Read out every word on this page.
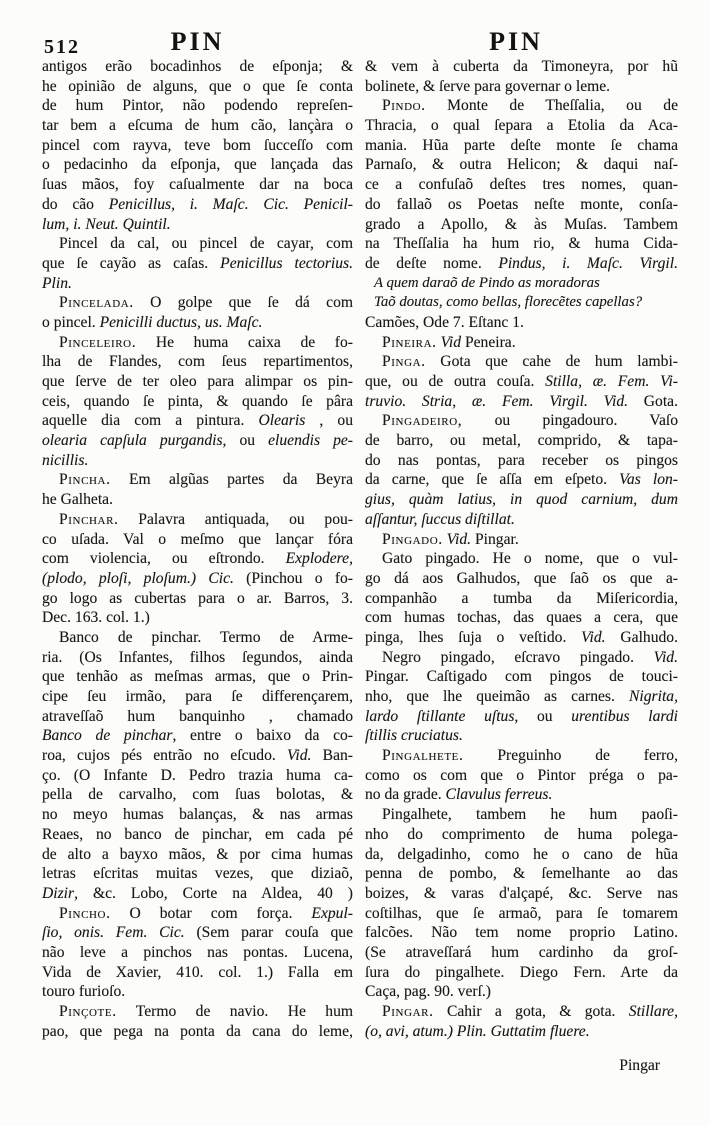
512	PIN	PIN
antigos erão bocadinhos de eſponja; &
he opinião de alguns, que o que ſe conta
de hum Pintor, não podendo repreſen-
tar bem a eſcuma de hum cão, lançàra o
pincel com rayva, teve bom ſucceſſo com
o pedacinho da eſponja, que lançada das
ſuas mãos, foy caſualmente dar na boca
do cão Penicillus, i. Maſc. Cic. Penicil-
lum, i. Neut. Quintil.
Pincel da cal, ou pincel de cayar, com
que ſe cayão as caſas. Penicillus tectorius.
Plin.
Pincelada. O golpe que ſe dá com
o pincel. Penicilli ductus, us. Maſc.
Pinceleiro. He huma caixa de fo-
lha de Flandes, com ſeus repartimentos,
que ſerve de ter oleo para alimpar os pin-
ceis, quando ſe pinta, & quando ſe pâra
aquelle dia com a pintura. Olearis , ou
olearia capſula purgandis, ou eluendis pe-
nicillis.
Pincha. Em algũas partes da Beyra
he Galheta.
Pinchar. Palavra antiquada, ou pou-
co uſada. Val o meſmo que lançar fóra
com violencia, ou eſtrondo. Explodere,
(plodo, ploſi, ploſum.) Cic. (Pinchou o fo-
go logo as cubertas para o ar. Barros, 3.
Dec. 163. col. 1.)
Banco de pinchar. Termo de Arme-
ria. (Os Infantes, filhos ſegundos, ainda
que tenhão as meſmas armas, que o Prin-
cipe ſeu irmão, para ſe differençarem,
atraveſſaõ hum banquinho , chamado
Banco de pinchar, entre o baixo da co-
roa, cujos pés entrão no eſcudo. Vid. Ban-
ço. (O Infante D. Pedro trazia huma ca-
pella de carvalho, com ſuas bolotas, &
no meyo humas balanças, & nas armas
Reaes, no banco de pinchar, em cada pé
de alto a bayxo mãos, & por cima humas
letras eſcritas muitas vezes, que diziaõ,
Dizir, &c. Lobo, Corte na Aldea, 40 )
Pincho. O botar com força. Expul-
ſio, onis. Fem. Cic. (Sem parar couſa que
não leve a pinchos nas pontas. Lucena,
Vida de Xavier, 410. col. 1.) Falla em
touro furioſo.
Pinçote. Termo de navio. He hum
pao, que pega na ponta da cana do leme,
& vem à cuberta da Timoneyra, por hũ
bolinete, & ſerve para governar o leme.
Pindo. Monte de Theſſalia, ou de
Thracia, o qual ſepara a Etolia da Aca-
mania. Hũa parte deſte monte ſe chama
Parnaſo, & outra Helicon; & daqui naſ-
ce a confuſaõ deſtes tres nomes, quan-
do fallaõ os Poetas neſte monte, conſa-
grado a Apollo, & às Muſas. Tambem
na Theſſalia ha hum rio, & huma Cida-
de deſte nome. Pindus, i. Maſc. Virgil.
A quem daraõ de Pindo as moradoras
Taõ doutas, como bellas, florecẽtes capellas?
Camões, Ode 7. Eſtanc 1.
Pineira. Vid Peneira.
Pinga. Gota que cahe de hum lambi-
que, ou de outra couſa. Stilla, æ. Fem. Vi-
truvio. Stria, æ. Fem. Virgil. Vid. Gota.
Pingadeiro, ou pingadouro. Vaſo
de barro, ou metal, comprido, & tapa-
do nas pontas, para receber os pingos
da carne, que ſe aſſa em eſpeto. Vas lon-
gius, quàm latius, in quod carnium, dum
aſſantur, ſuccus diſtillat.
Pingado. Vid. Pingar.
Gato pingado. He o nome, que o vul-
go dá aos Galhudos, que ſaõ os que a-
companhão a tumba da Miſericordia,
com humas tochas, das quaes a cera, que
pinga, lhes ſuja o veſtido. Vid. Galhudo.
Negro pingado, eſcravo pingado. Vid.
Pingar. Caſtigado com pingos de touci-
nho, que lhe queimão as carnes. Nigrita,
lardo ſtillante uſtus, ou urentibus lardi
ſtillis cruciatus.
Pingalhete. Preguinho de ferro,
como os com que o Pintor préga o pa-
no da grade. Clavulus ferreus.
Pingalhete, tambem he hum paoſi-
nho do comprimento de huma polega-
da, delgadinho, como he o cano de hũa
penna de pombo, & ſemelhante ao das
boizes, & varas d'alçapé, &c. Serve nas
coſtilhas, que ſe armaõ, para ſe tomarem
falcões. Não tem nome proprio Latino.
(Se atraveſſará hum cardinho da groſ-
ſura do pingalhete. Diego Fern. Arte da
Caça, pag. 90. verſ.)
Pingar. Cahir a gota, & gota. Stillare,
(o, avi, atum.) Plin. Guttatim fluere.
Pingar
